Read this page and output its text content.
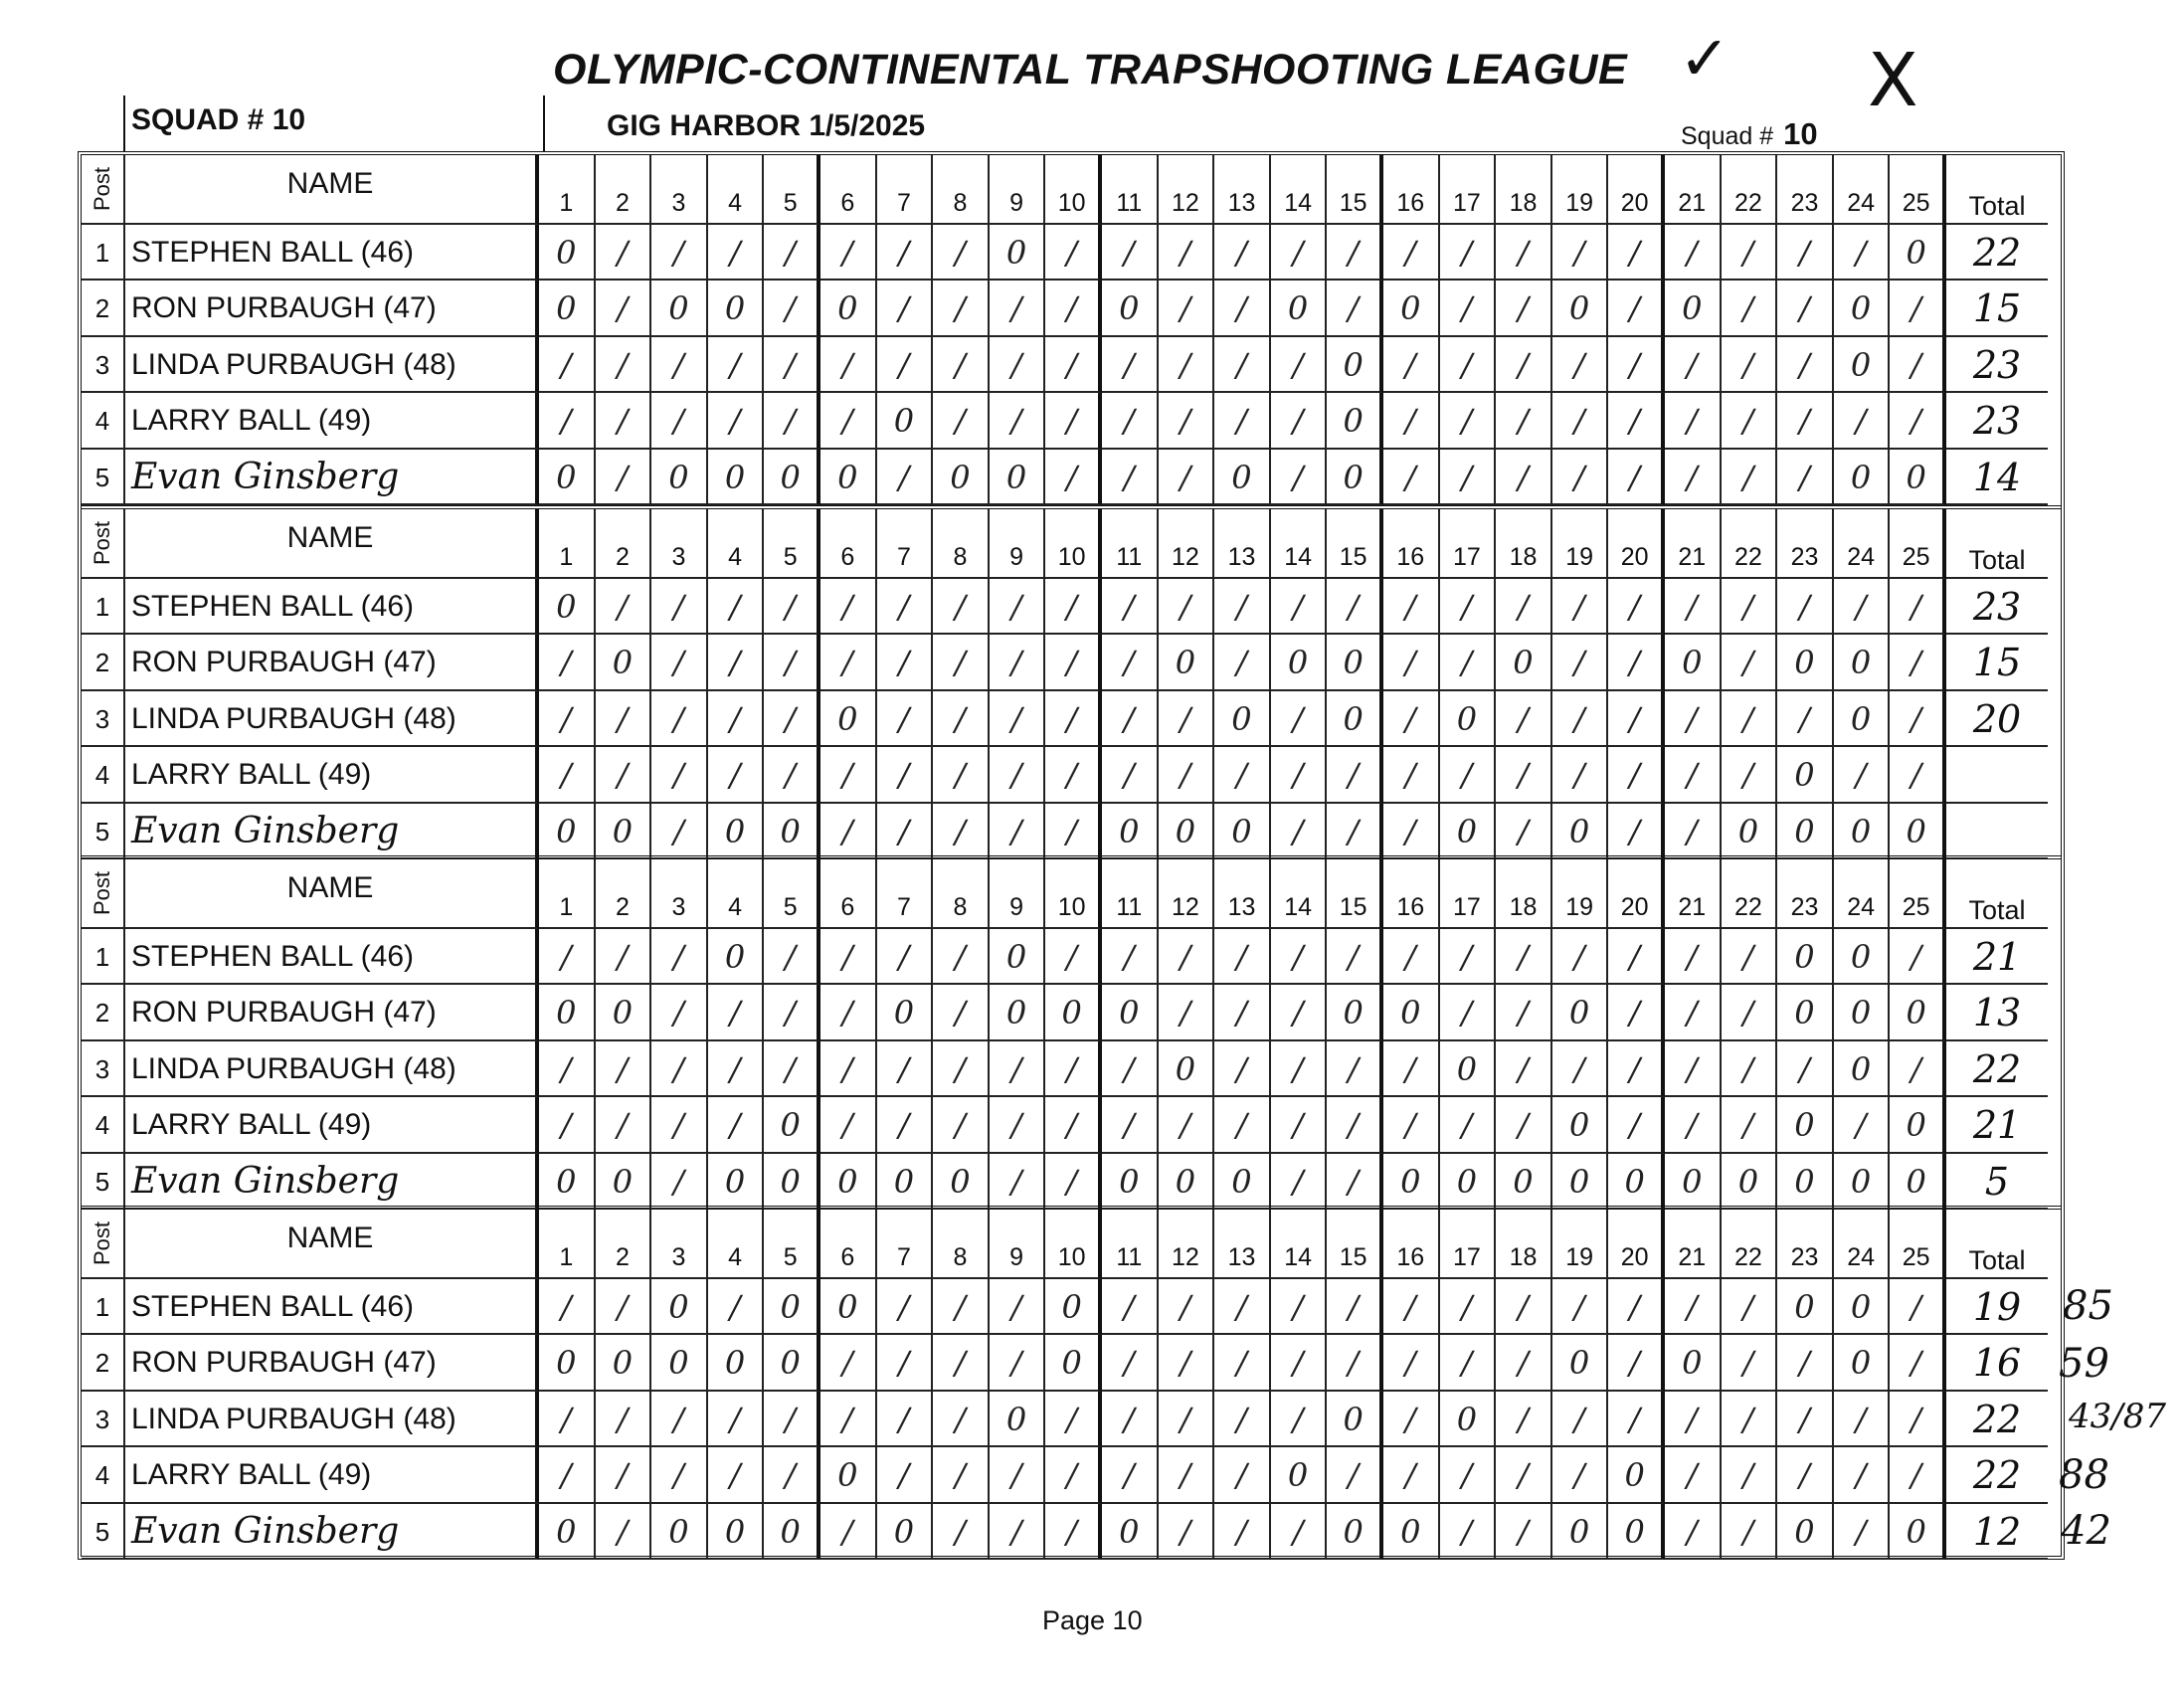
OLYMPIC-CONTINENTAL TRAPSHOOTING LEAGUE ✓ X
SQUAD # 10	GIG HARBOR 1/5/2025	Squad # 10
Post	NAME
1	2	3	4	5	6	7	8	9	10	11	12	13	14	15	16	17	18	19	20	21	22	23	24	25	Total
1 STEPHEN BALL (46)	0	/	/	/	/	/	/	/	0	/	/	/	/	/	/	/	/	/	/	/	/	/	/	/	0	22
2 RON PURBAUGH (47)	0	/	0	0	/	0	/	/	/	/	0	/	/	0	/	0	/	/	0	/	0	/	/	0	/	15
3 LINDA PURBAUGH (48)	/	/	/	/	/	/	/	/	/	/	/	/	/	/	0	/	/	/	/	/	/	/	/	0	/	23
4 LARRY BALL (49)	/	/	/	/	/	/	0	/	/	/	/	/	/	/	0	/	/	/	/	/	/	/	/	/	/	23
5 Evan Ginsberg	0	/	0	0	0	0	/	0	0	/	/	/	0	/	0	/	/	/	/	/	/	/	/	0	0	14
Post	NAME
1	2	3	4	5	6	7	8	9	10	11	12	13	14	15	16	17	18	19	20	21	22	23	24	25	Total
1 STEPHEN BALL (46)	0	/	/	/	/	/	/	/	/	/	/	/	/	/	/	/	/	/	/	/	/	/	/	/	/	23
2 RON PURBAUGH (47)	/	0	/	/	/	/	/	/	/	/	/	0	/	0	0	/	/	0	/	/	0	/	0	0	/	15
3 LINDA PURBAUGH (48)	/	/	/	/	/	0	/	/	/	/	/	/	0	/	0	/	0	/	/	/	/	/	/	0	/	20
4 LARRY BALL (49)	/	/	/	/	/	/	/	/	/	/	/	/	/	/	/	/	/	/	/	/	/	/	0	/	/
5 Evan Ginsberg	0	0	/	0	0	/	/	/	/	/	0	0	0	/	/	/	0	/	0	/	/	0	0	0	0
Post	NAME
1	2	3	4	5	6	7	8	9	10	11	12	13	14	15	16	17	18	19	20	21	22	23	24	25	Total
1 STEPHEN BALL (46)	/	/	/	0	/	/	/	/	0	/	/	/	/	/	/	/	/	/	/	/	/	/	0	0	/	21
2 RON PURBAUGH (47)	0	0	/	/	/	/	0	/	0	0	0	/	/	/	0	0	/	/	0	/	/	/	0	0	0	13
3 LINDA PURBAUGH (48)	/	/	/	/	/	/	/	/	/	/	/	0	/	/	/	/	0	/	/	/	/	/	/	0	/	22
4 LARRY BALL (49)	/	/	/	/	0	/	/	/	/	/	/	/	/	/	/	/	/	/	0	/	/	/	0	/	0	21
5 Evan Ginsberg	0	0	/	0	0	0	0	0	/	/	0	0	0	/	/	0	0	0	0	0	0	0	0	0	0	5
Post	NAME
1	2	3	4	5	6	7	8	9	10	11	12	13	14	15	16	17	18	19	20	21	22	23	24	25	Total
1 STEPHEN BALL (46)	/	/	0	/	0	0	/	/	/	0	/	/	/	/	/	/	/	/	/	/	/	/	0	0	/	19
2 RON PURBAUGH (47)	0	0	0	0	0	/	/	/	/	0	/	/	/	/	/	/	/	/	0	/	0	/	/	0	/	16
3 LINDA PURBAUGH (48)	/	/	/	/	/	/	/	/	0	/	/	/	/	/	0	/	0	/	/	/	/	/	/	/	/	22
4 LARRY BALL (49)	/	/	/	/	/	0	/	/	/	/	/	/	/	0	/	/	/	/	/	0	/	/	/	/	/	22
5 Evan Ginsberg	0	/	0	0	0	/	0	/	/	/	0	/	/	/	0	0	/	/	0	0	/	/	0	/	0	12
85
59
43/87
88
42
Page 10
